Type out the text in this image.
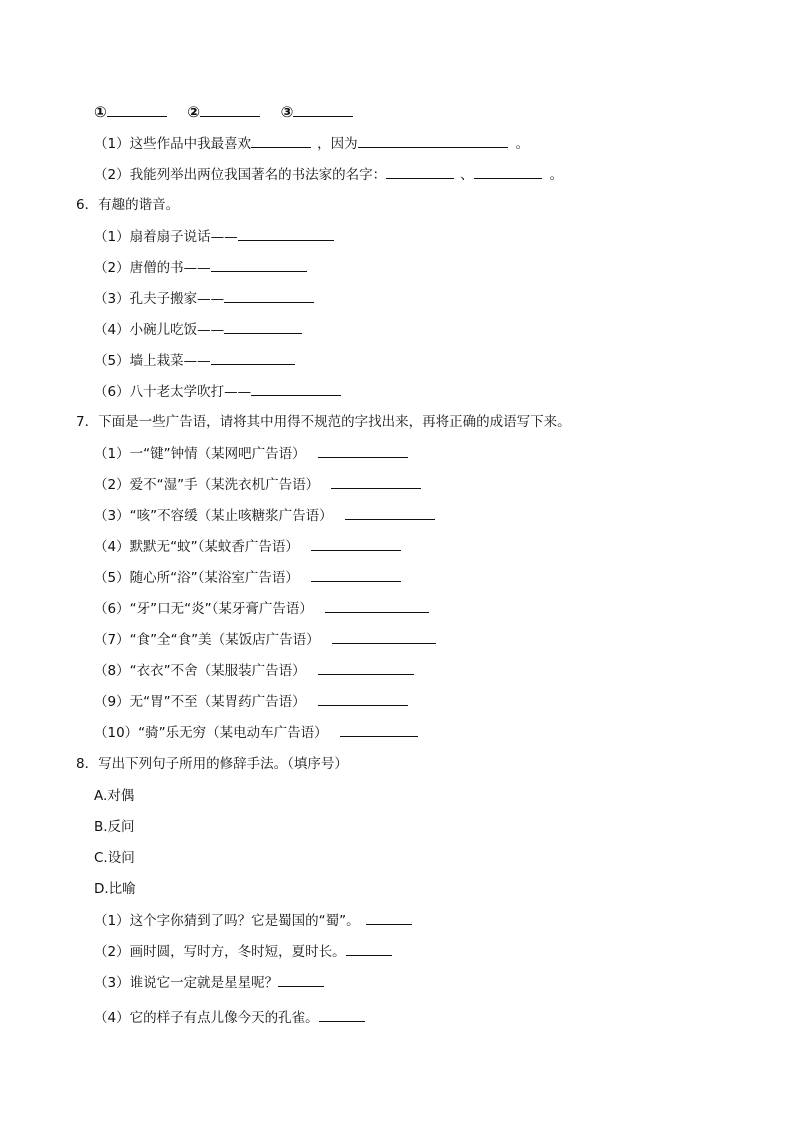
①	②	③
（1）这些作品中我最喜欢	，因为	。
（2）我能列举出两位我国著名的书法家的名字：	、	。
6．有趣的谐音。
（1）扇着扇子说话——
（2）唐僧的书——
（3）孔夫子搬家——
（4）小碗儿吃饭——
（5）墙上栽菜——
（6）八十老太学吹打——
7．下面是一些广告语，请将其中用得不规范的字找出来，再将正确的成语写下来。
（1）一“键”钟情（某网吧广告语）
（2）爱不“湿”手（某洗衣机广告语）
（3）“咳”不容缓（某止咳糖浆广告语）
（4）默默无“蚊”（某蚊香广告语）
（5）随心所“浴”（某浴室广告语）
（6）“牙”口无“炎”（某牙膏广告语）
（7）“食”全“食”美（某饭店广告语）
（8）“衣衣”不舍（某服装广告语）
（9）无“胃”不至（某胃药广告语）
（10）“骑”乐无穷（某电动车广告语）
8．写出下列句子所用的修辞手法。（填序号）
A.对偶
B.反问
C.设问
D.比喻
（1）这个字你猜到了吗？它是蜀国的“蜀”。
（2）画时圆，写时方，冬时短，夏时长。
（3）谁说它一定就是星星呢？
（4）它的样子有点儿像今天的孔雀。
